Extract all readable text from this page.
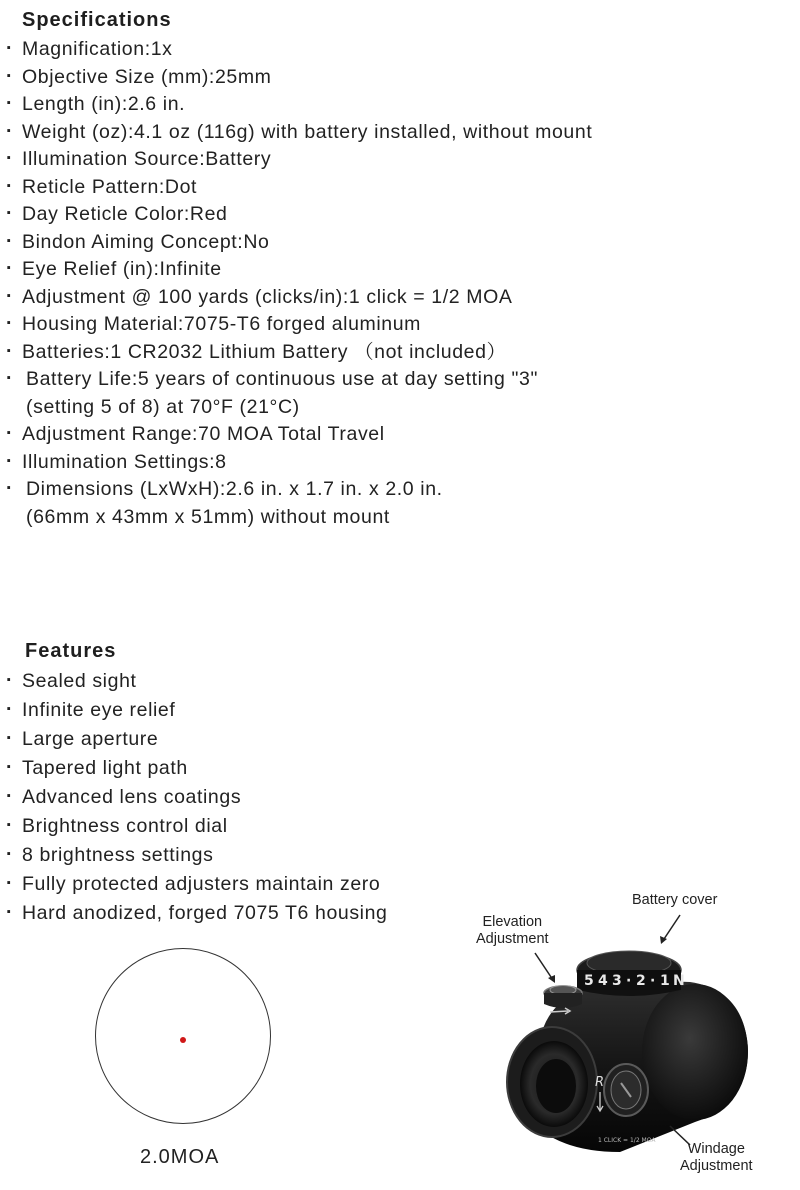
Specifications
· Magnification:1x
· Objective Size (mm):25mm
· Length (in):2.6 in.
· Weight (oz):4.1 oz (116g) with battery installed, without mount
· Illumination Source:Battery
· Reticle Pattern:Dot
· Day Reticle Color:Red
· Bindon Aiming Concept:No
· Eye Relief (in):Infinite
· Adjustment @ 100 yards (clicks/in):1 click = 1/2 MOA
· Housing Material:7075-T6 forged aluminum
· Batteries:1 CR2032 Lithium Battery （not included）
· Battery Life:5 years of continuous use at day setting "3"
(setting 5 of 8) at 70°F (21°C)
· Adjustment Range:70 MOA Total Travel
· Illumination Settings:8
· Dimensions (LxWxH):2.6 in. x 1.7 in. x 2.0 in.
(66mm x 43mm x 51mm) without mount
Features
· Sealed sight
· Infinite eye relief
· Large aperture
· Tapered light path
· Advanced lens coatings
· Brightness control dial
· 8 brightness settings
· Fully protected adjusters maintain zero
· Hard anodized, forged 7075 T6 housing
2.0MOA
5 4 3 · 2 · 1 N
R
1 CLICK = 1/2 MOA
Battery cover
Elevation
Adjustment
Windage
Adjustment
